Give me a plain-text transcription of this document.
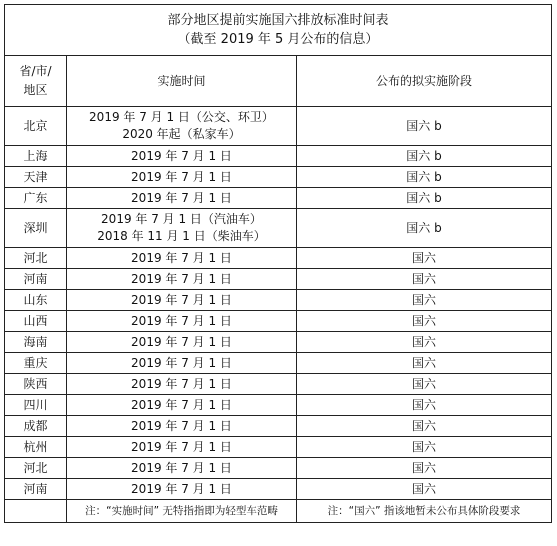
部分地区提前实施国六排放标准时间表
（截至 2019 年 5 月公布的信息）		

省/市/
地区	实施时间	公布的拟实施阶段
北京	2019 年 7 月 1 日（公交、环卫）
2020 年起（私家车）	国六 b
上海	2019 年 7 月 1 日	国六 b
天津	2019 年 7 月 1 日	国六 b
广东	2019 年 7 月 1 日	国六 b
深圳	2019 年 7 月 1 日（汽油车）
2018 年 11 月 1 日（柴油车）	国六 b
河北	2019 年 7 月 1 日	国六
河南	2019 年 7 月 1 日	国六
山东	2019 年 7 月 1 日	国六
山西	2019 年 7 月 1 日	国六
海南	2019 年 7 月 1 日	国六
重庆	2019 年 7 月 1 日	国六
陕西	2019 年 7 月 1 日	国六
四川	2019 年 7 月 1 日	国六
成都	2019 年 7 月 1 日	国六
杭州	2019 年 7 月 1 日	国六
河北	2019 年 7 月 1 日	国六
河南	2019 年 7 月 1 日	国六
	注：“实施时间” 无特指指即为轻型车范畴	注：“国六” 指该地暂未公布具体阶段要求
